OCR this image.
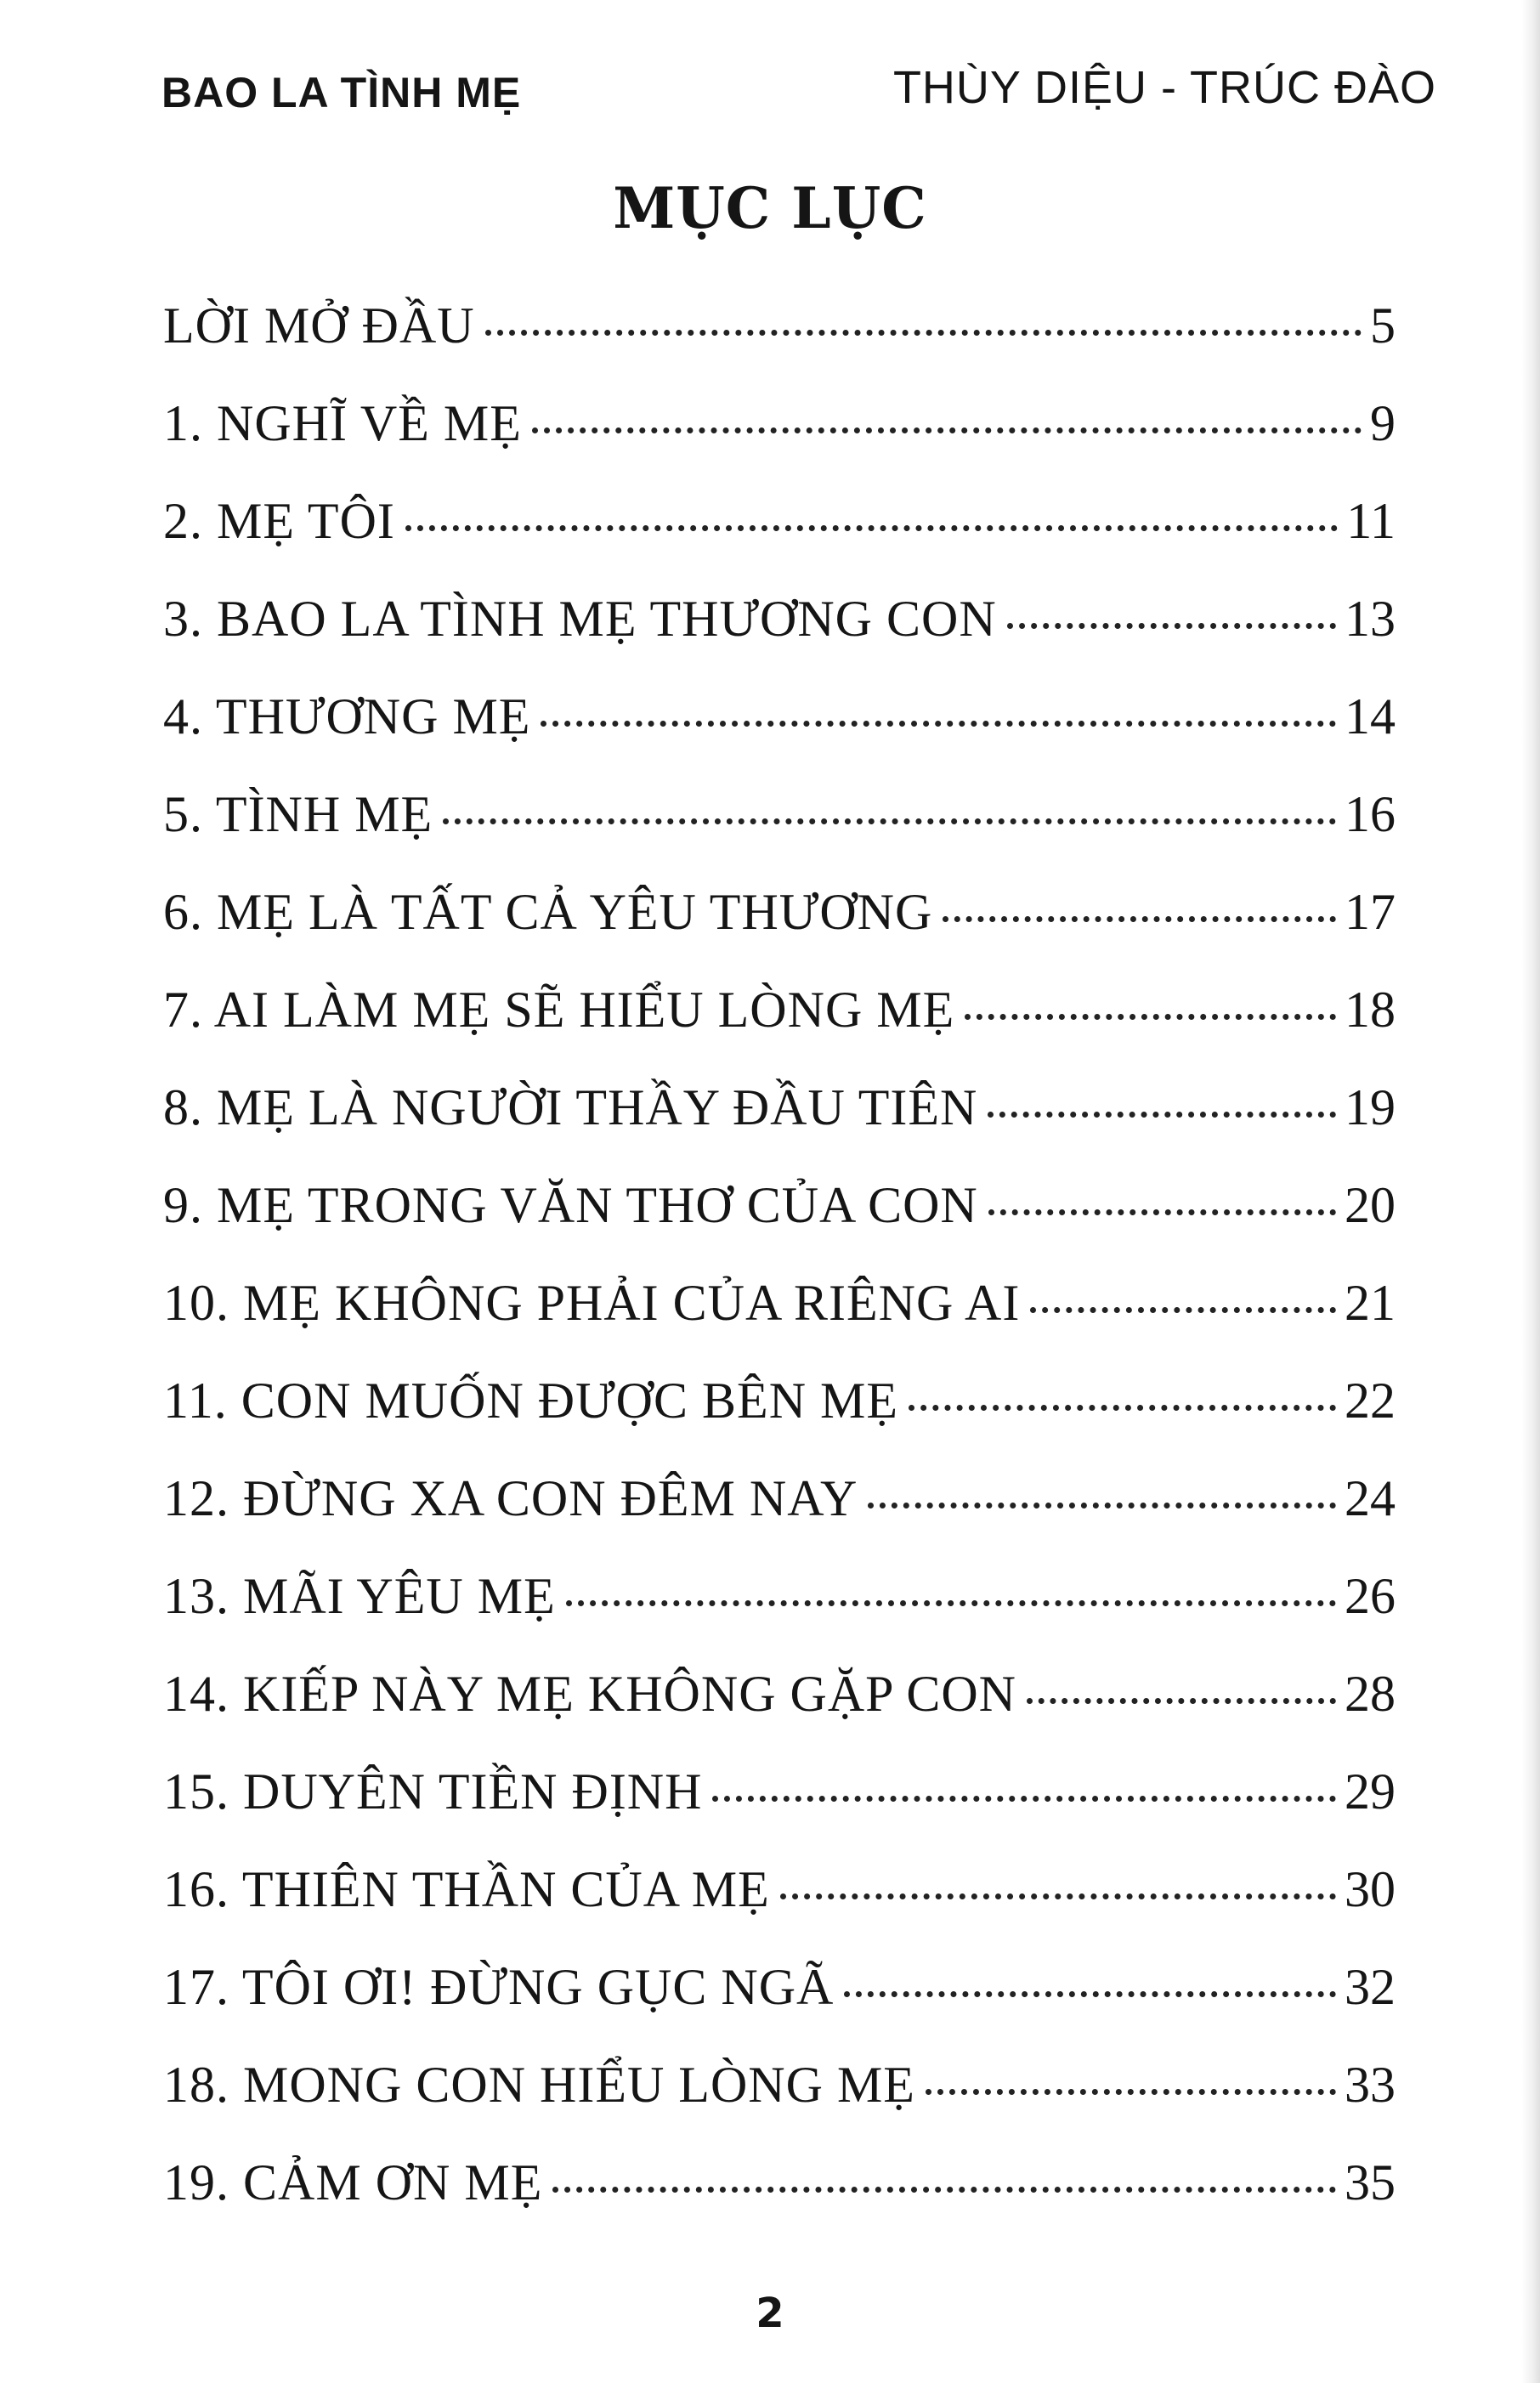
BAO LA TÌNH MẸ	THÙY DIỆU - TRÚC ĐÀO
MỤC LỤC
LỜI MỞ ĐẦU	5
1. NGHĨ VỀ MẸ	9
2. MẸ TÔI	11
3. BAO LA TÌNH MẸ THƯƠNG CON	13
4. THƯƠNG MẸ	14
5. TÌNH MẸ	16
6. MẸ LÀ TẤT CẢ YÊU THƯƠNG	17
7. AI LÀM MẸ SẼ HIỂU LÒNG MẸ	18
8. MẸ LÀ NGƯỜI THẦY ĐẦU TIÊN	19
9. MẸ TRONG VĂN THƠ CỦA CON	20
10. MẸ KHÔNG PHẢI CỦA RIÊNG AI	21
11. CON MUỐN ĐƯỢC BÊN MẸ	22
12. ĐỪNG XA CON ĐÊM NAY	24
13. MÃI YÊU MẸ	26
14. KIẾP NÀY MẸ KHÔNG GẶP CON	28
15. DUYÊN TIỀN ĐỊNH	29
16. THIÊN THẦN CỦA MẸ	30
17. TÔI ƠI! ĐỪNG GỤC NGÃ	32
18. MONG CON HIỂU LÒNG MẸ	33
19. CẢM ƠN MẸ	35
2
